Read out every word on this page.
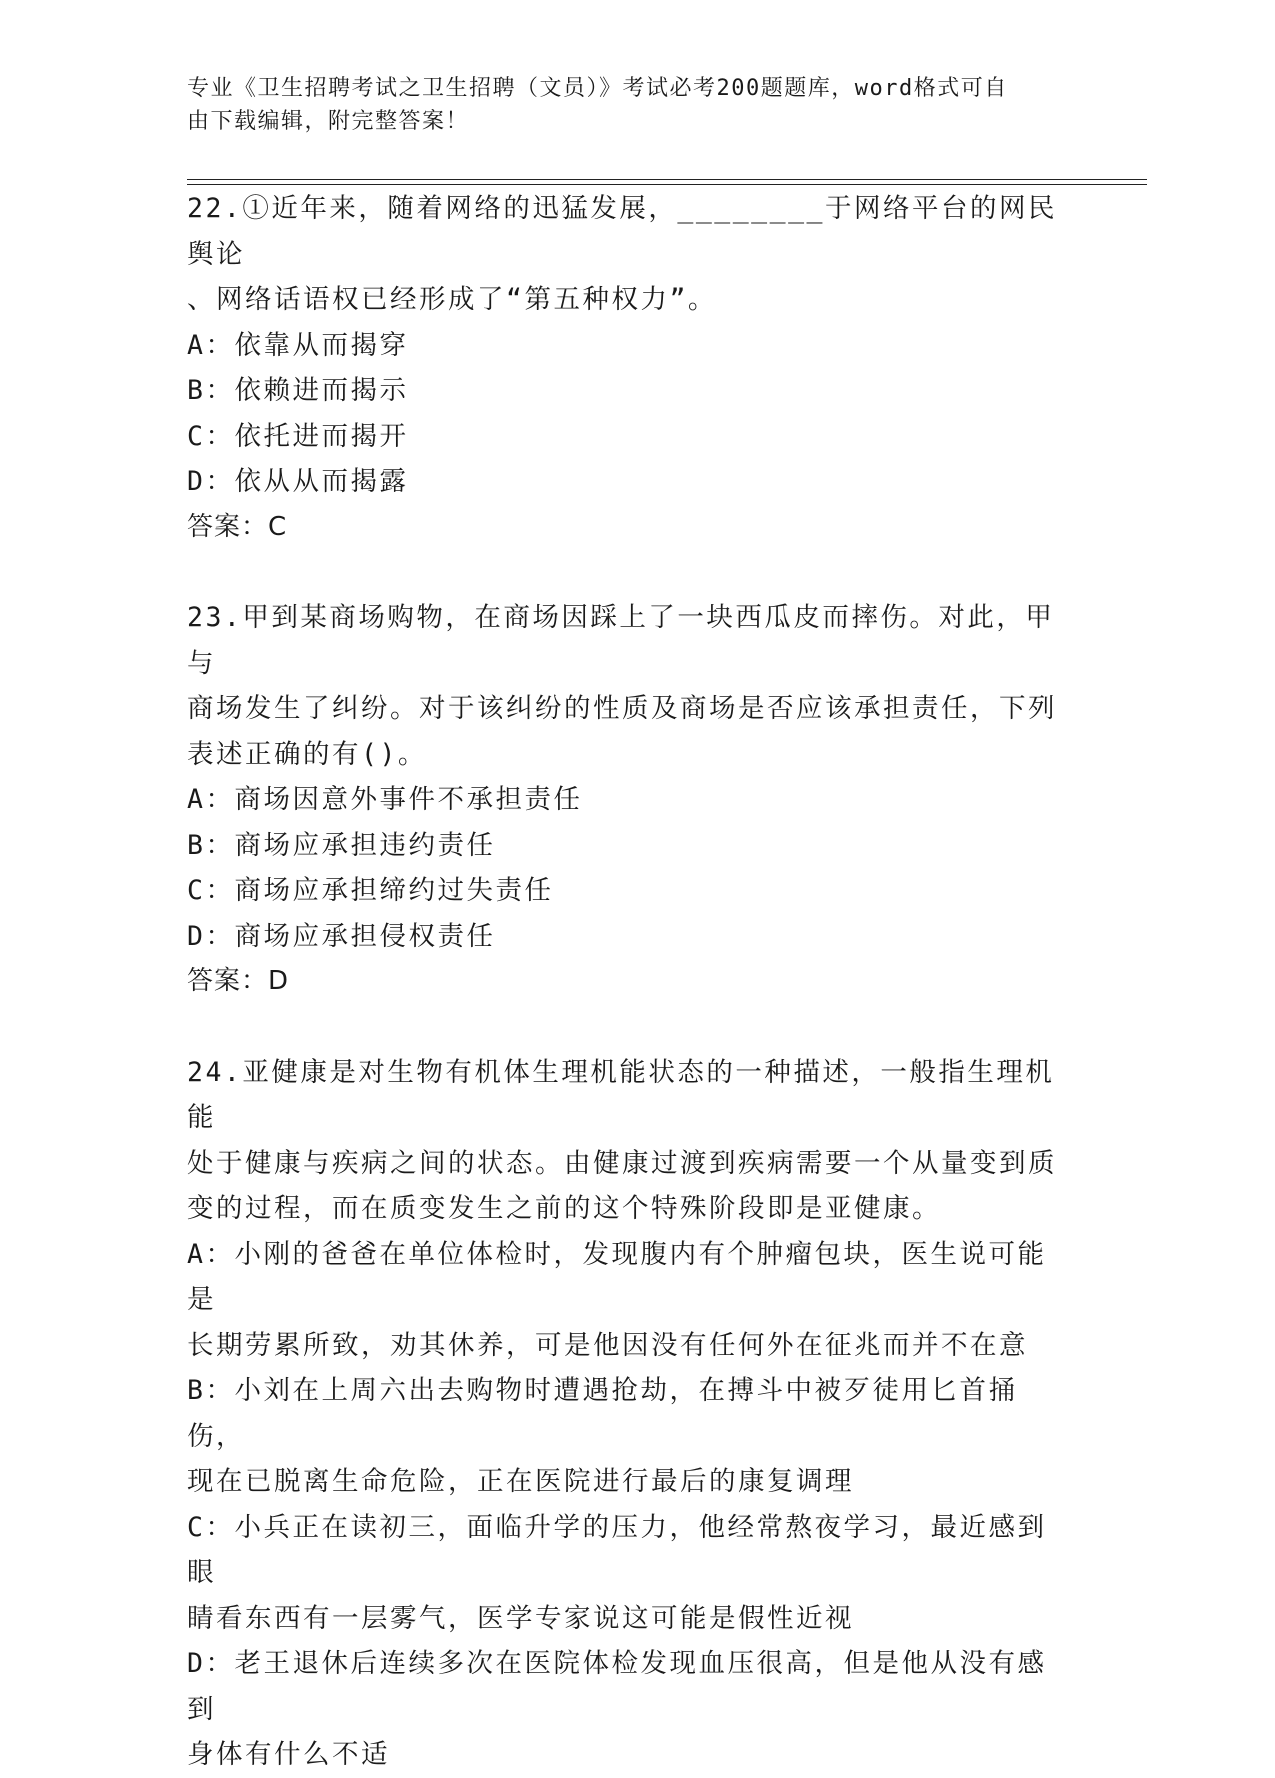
专业《卫生招聘考试之卫生招聘（文员）》考试必考200题题库，word格式可自
由下载编辑，附完整答案！
22.①近年来，随着网络的迅猛发展，________于网络平台的网民舆论
、网络话语权已经形成了“第五种权力”。
A：依靠从而揭穿
B：依赖进而揭示
C：依托进而揭开
D：依从从而揭露
答案：C
23.甲到某商场购物，在商场因踩上了一块西瓜皮而摔伤。对此，甲与
商场发生了纠纷。对于该纠纷的性质及商场是否应该承担责任，下列
表述正确的有()。
A：商场因意外事件不承担责任
B：商场应承担违约责任
C：商场应承担缔约过失责任
D：商场应承担侵权责任
答案：D
24.亚健康是对生物有机体生理机能状态的一种描述，一般指生理机能
处于健康与疾病之间的状态。由健康过渡到疾病需要一个从量变到质
变的过程，而在质变发生之前的这个特殊阶段即是亚健康。
A：小刚的爸爸在单位体检时，发现腹内有个肿瘤包块，医生说可能是
长期劳累所致，劝其休养，可是他因没有任何外在征兆而并不在意
B：小刘在上周六出去购物时遭遇抢劫，在搏斗中被歹徒用匕首捅伤，
现在已脱离生命危险，正在医院进行最后的康复调理
C：小兵正在读初三，面临升学的压力，他经常熬夜学习，最近感到眼
睛看东西有一层雾气，医学专家说这可能是假性近视
D：老王退休后连续多次在医院体检发现血压很高，但是他从没有感到
身体有什么不适
